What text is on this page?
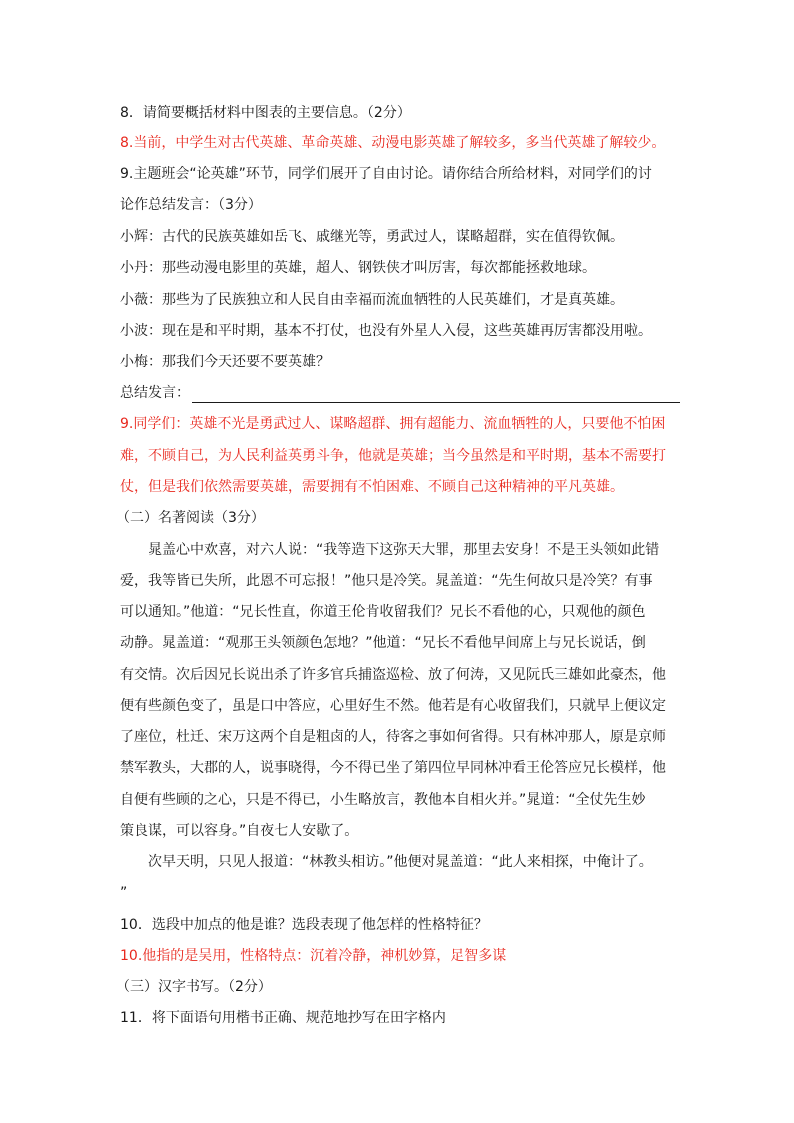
8．请简要概括材料中图表的主要信息。（2分）
8.当前，中学生对古代英雄、革命英雄、动漫电影英雄了解较多，多当代英雄了解较少。
9.主题班会“论英雄”环节，同学们展开了自由讨论。请你结合所给材料，对同学们的讨
论作总结发言：（3分）
小辉：古代的民族英雄如岳飞、戚继光等，勇武过人，谋略超群，实在值得钦佩。
小丹：那些动漫电影里的英雄，超人、钢铁侠才叫厉害，每次都能拯救地球。
小薇：那些为了民族独立和人民自由幸福而流血牺牲的人民英雄们，才是真英雄。
小波：现在是和平时期，基本不打仗，也没有外星人入侵，这些英雄再厉害都没用啦。
小梅：那我们今天还要不要英雄？
总结发言：
9.同学们：英雄不光是勇武过人、谋略超群、拥有超能力、流血牺牲的人，只要他不怕困
难，不顾自己，为人民利益英勇斗争，他就是英雄；当今虽然是和平时期，基本不需要打
仗，但是我们依然需要英雄，需要拥有不怕困难、不顾自己这种精神的平凡英雄。
（二）名著阅读（3分）
晁盖心中欢喜，对六人说：“我等造下这弥天大罪，那里去安身！不是王头领如此错
爱，我等皆已失所，此恩不可忘报！”他只是冷笑。晁盖道：“先生何故只是冷笑？有事
可以通知。”他道：“兄长性直，你道王伦肯收留我们？兄长不看他的心，只观他的颜色
动静。晁盖道：“观那王头领颜色怎地？”他道：“兄长不看他早间席上与兄长说话，倒
有交情。次后因兄长说出杀了许多官兵捕盗巡检、放了何涛，又见阮氏三雄如此豪杰，他
便有些颜色变了，虽是口中答应，心里好生不然。他若是有心收留我们，只就早上便议定
了座位，杜迁、宋万这两个自是粗卤的人，待客之事如何省得。只有林冲那人，原是京师
禁军教头，大郡的人，说事晓得，今不得已坐了第四位早同林冲看王伦答应兄长模样，他
自便有些顾的之心，只是不得已，小生略放言，教他本自相火并。”晁道：“全仗先生妙
策良谋，可以容身。”自夜七人安歇了。
次早天明，只见人报道：“林教头相访。”他便对晁盖道：“此人来相探，中俺计了。
”
10．选段中加点的他是谁？选段表现了他怎样的性格特征？
10.他指的是吴用，性格特点：沉着冷静，神机妙算，足智多谋
（三）汉字书写。（2分）
11．将下面语句用楷书正确、规范地抄写在田字格内
